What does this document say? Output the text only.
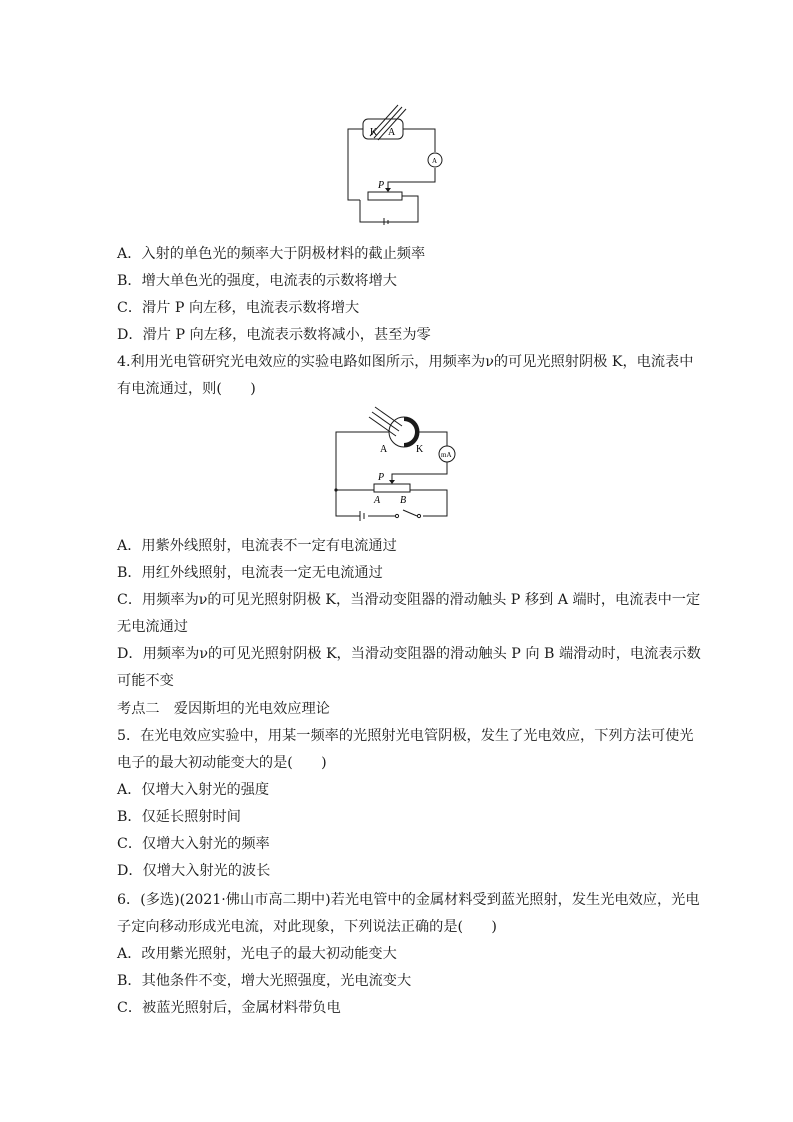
K A
A
P
A．入射的单色光的频率大于阴极材料的截止频率
B．增大单色光的强度，电流表的示数将增大
C．滑片 P 向左移，电流表示数将增大
D．滑片 P 向左移，电流表示数将减小，甚至为零
4.利用光电管研究光电效应的实验电路如图所示，用频率为ν的可见光照射阴极 K，电流表中
有电流通过，则(　　)
A	K	mA
P
A B
A．用紫外线照射，电流表不一定有电流通过
B．用红外线照射，电流表一定无电流通过
C．用频率为ν的可见光照射阴极 K，当滑动变阻器的滑动触头 P 移到 A 端时，电流表中一定
无电流通过
D．用频率为ν的可见光照射阴极 K，当滑动变阻器的滑动触头 P 向 B 端滑动时，电流表示数
可能不变
考点二　爱因斯坦的光电效应理论
5．在光电效应实验中，用某一频率的光照射光电管阴极，发生了光电效应，下列方法可使光
电子的最大初动能变大的是(　　)
A．仅增大入射光的强度
B．仅延长照射时间
C．仅增大入射光的频率
D．仅增大入射光的波长
6．(多选)(2021·佛山市高二期中)若光电管中的金属材料受到蓝光照射，发生光电效应，光电
子定向移动形成光电流，对此现象，下列说法正确的是(　　)
A．改用紫光照射，光电子的最大初动能变大
B．其他条件不变，增大光照强度，光电流变大
C．被蓝光照射后，金属材料带负电
